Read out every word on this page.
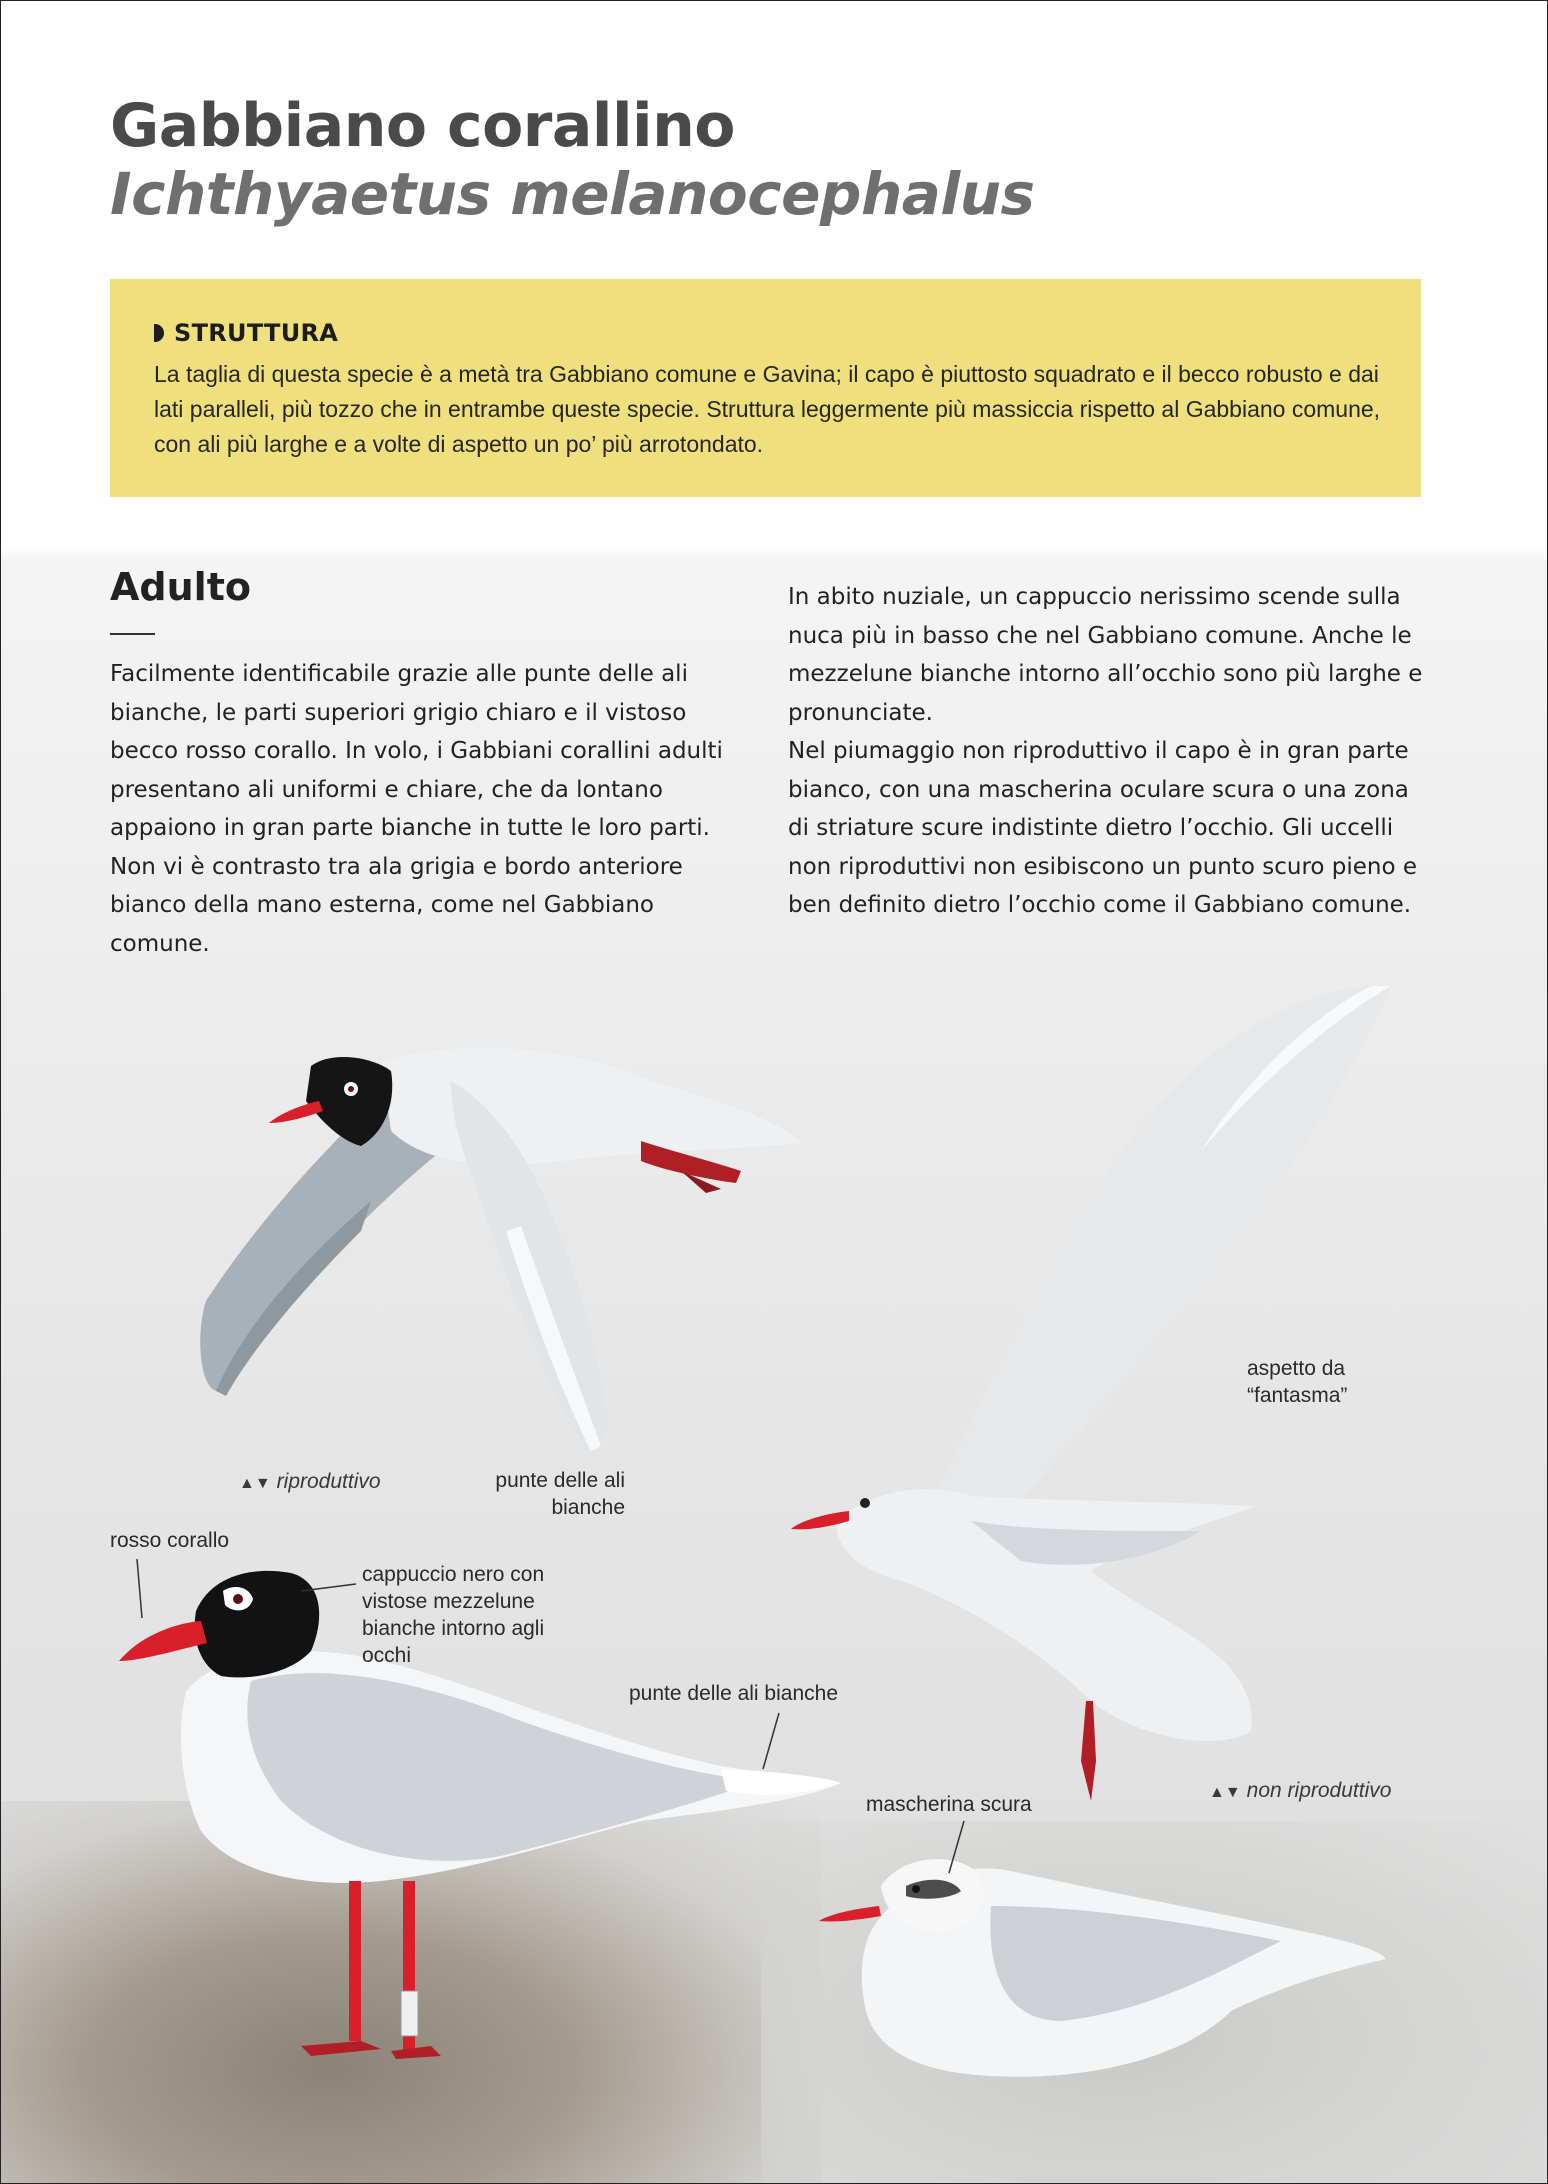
Gabbiano corallino
Ichthyaetus melanocephalus
STRUTTURA

La taglia di questa specie è a metà tra Gabbiano comune e Gavina; il capo è piuttosto squadrato e il becco robusto e dai lati paralleli, più tozzo che in entrambe queste specie. Struttura leggermente più massiccia rispetto al Gabbiano comune, con ali più larghe e a volte di aspetto un po’ più arrotondato.

Adulto

Facilmente identificabile grazie alle punte delle ali bianche, le parti superiori grigio chiaro e il vistoso becco rosso corallo. In volo, i Gabbiani corallini adulti presentano ali uniformi e chiare, che da lontano appaiono in gran parte bianche in tutte le loro parti. Non vi è contrasto tra ala grigia e bordo anteriore bianco della mano esterna, come nel Gabbiano comune.

In abito nuziale, un cappuccio nerissimo scende sulla nuca più in basso che nel Gabbiano comune. Anche le mezzelune bianche intorno all’occhio sono più larghe e pronunciate.

Nel piumaggio non riproduttivo il capo è in gran parte bianco, con una mascherina oculare scura o una zona di striature scure indistinte dietro l’occhio. Gli uccelli non riproduttivi non esibiscono un punto scuro pieno e ben definito dietro l’occhio come il Gabbiano comune.

▲▼ riproduttivo	punte delle ali bianche
aspetto da “fantasma”
rosso corallo
cappuccio nero con vistose mezzelune bianche intorno agli occhi
punte delle ali bianche
mascherina scura
▲▼ non riproduttivo
